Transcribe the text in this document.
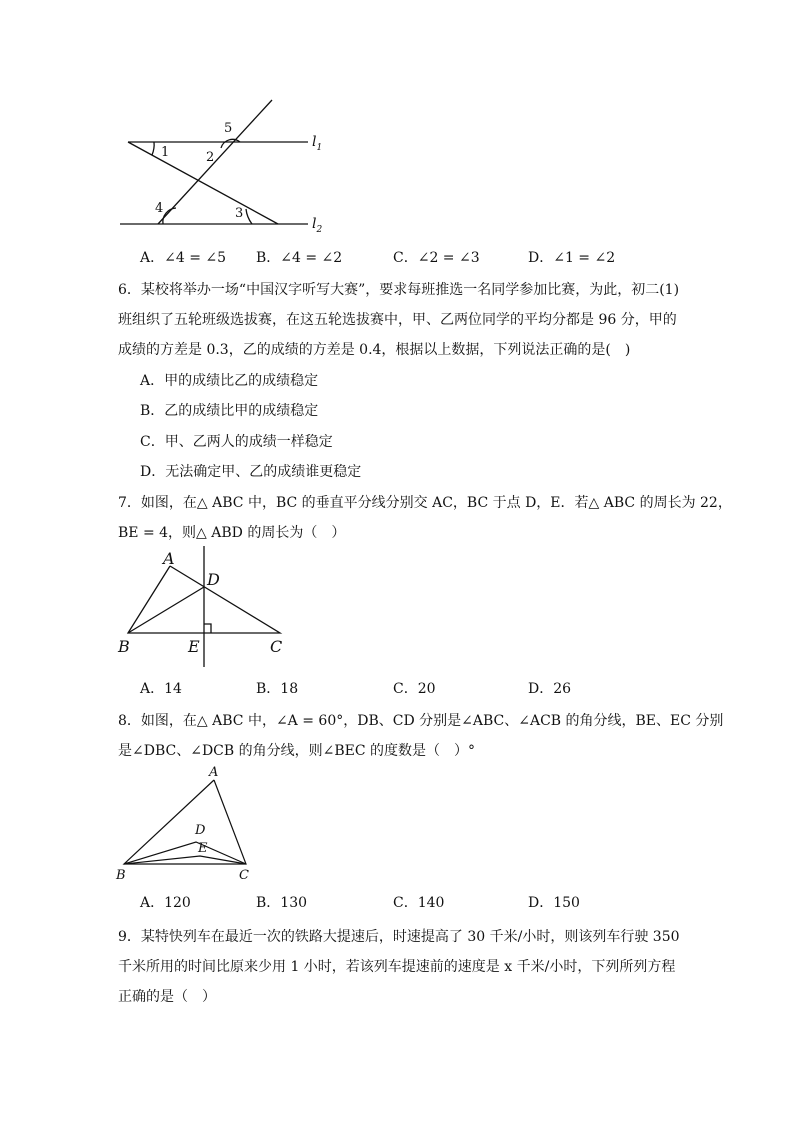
1	2
5
4	3
$l_1$
$l_2$
A．∠4 = ∠5 B．∠4 = ∠2	C．∠2 = ∠3	D．∠1 = ∠2
6．某校将举办一场“中国汉字听写大赛”，要求每班推选一名同学参加比赛，为此，初二(1)
班组织了五轮班级选拔赛，在这五轮选拔赛中，甲、乙两位同学的平均分都是 96 分，甲的
成绩的方差是 0.3，乙的成绩的方差是 0.4，根据以上数据，下列说法正确的是(　)
A．甲的成绩比乙的成绩稳定
B．乙的成绩比甲的成绩稳定
C．甲、乙两人的成绩一样稳定
D．无法确定甲、乙的成绩谁更稳定
7．如图，在△ ABC 中，BC 的垂直平分线分别交 AC，BC 于点 D，E．若△ ABC 的周长为 22，
BE = 4，则△ ABD 的周长为（　）
A
D
B	E	C
A．14	B．18	C．20	D．26
8．如图，在△ ABC 中，∠A = 60°，DB、CD 分别是∠ABC、∠ACB 的角分线，BE、EC 分别
是∠DBC、∠DCB 的角分线，则∠BEC 的度数是（　）°
A
D
E
B	C
A．120	B．130	C．140	D．150
9．某特快列车在最近一次的铁路大提速后，时速提高了 30 千米/小时，则该列车行驶 350
千米所用的时间比原来少用 1 小时，若该列车提速前的速度是 x 千米/小时，下列所列方程
正确的是（　）
